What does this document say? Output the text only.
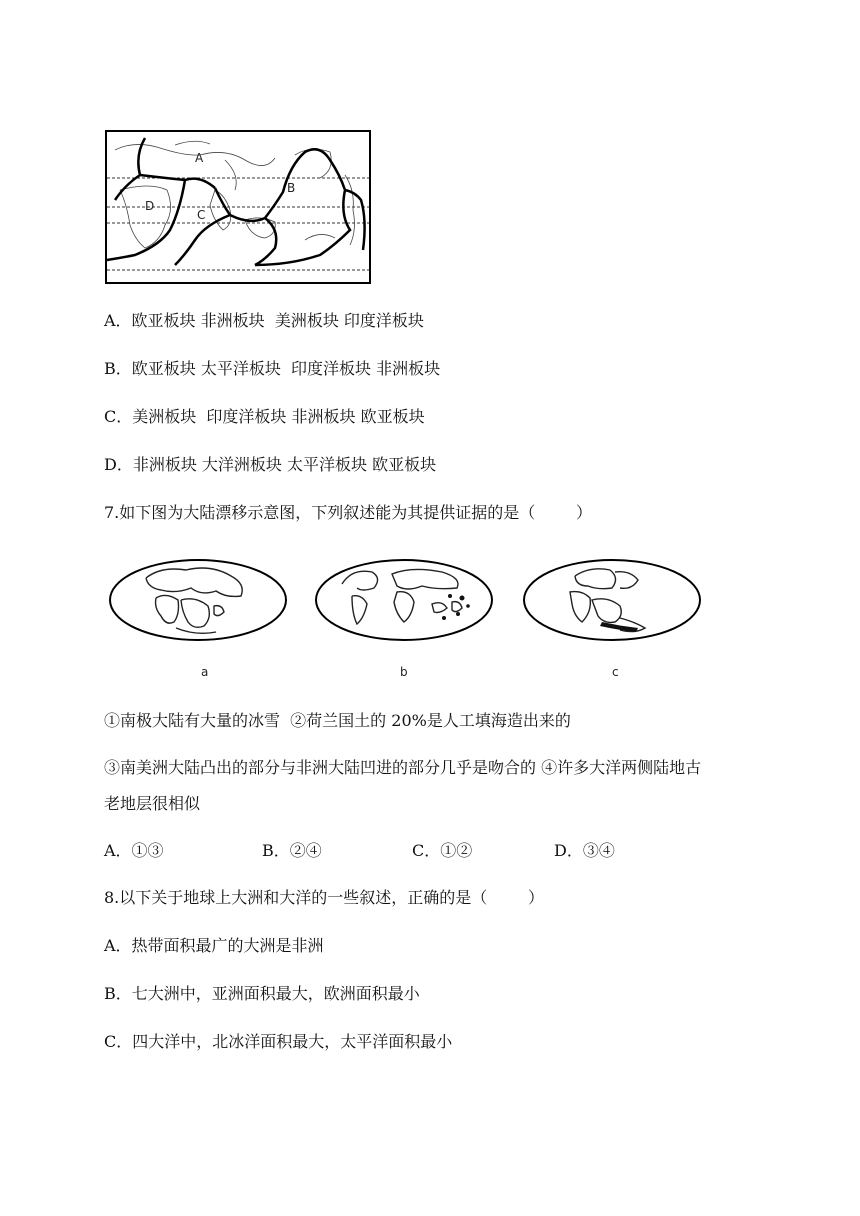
A
B
C
D
A．欧亚板块 非洲板块  美洲板块 印度洋板块
B．欧亚板块 太平洋板块  印度洋板块 非洲板块
C．美洲板块  印度洋板块 非洲板块 欧亚板块
D．非洲板块 大洋洲板块 太平洋板块 欧亚板块
7.如下图为大陆漂移示意图，下列叙述能为其提供证据的是（        ）
a	b	c
①南极大陆有大量的冰雪  ②荷兰国土的 20%是人工填海造出来的
③南美洲大陆凸出的部分与非洲大陆凹进的部分几乎是吻合的 ④许多大洋两侧陆地古
老地层很相似
A．①③	B．②④	C．①②	D．③④
8.以下关于地球上大洲和大洋的一些叙述，正确的是（        ）
A．热带面积最广的大洲是非洲
B．七大洲中，亚洲面积最大，欧洲面积最小
C．四大洋中，北冰洋面积最大，太平洋面积最小
